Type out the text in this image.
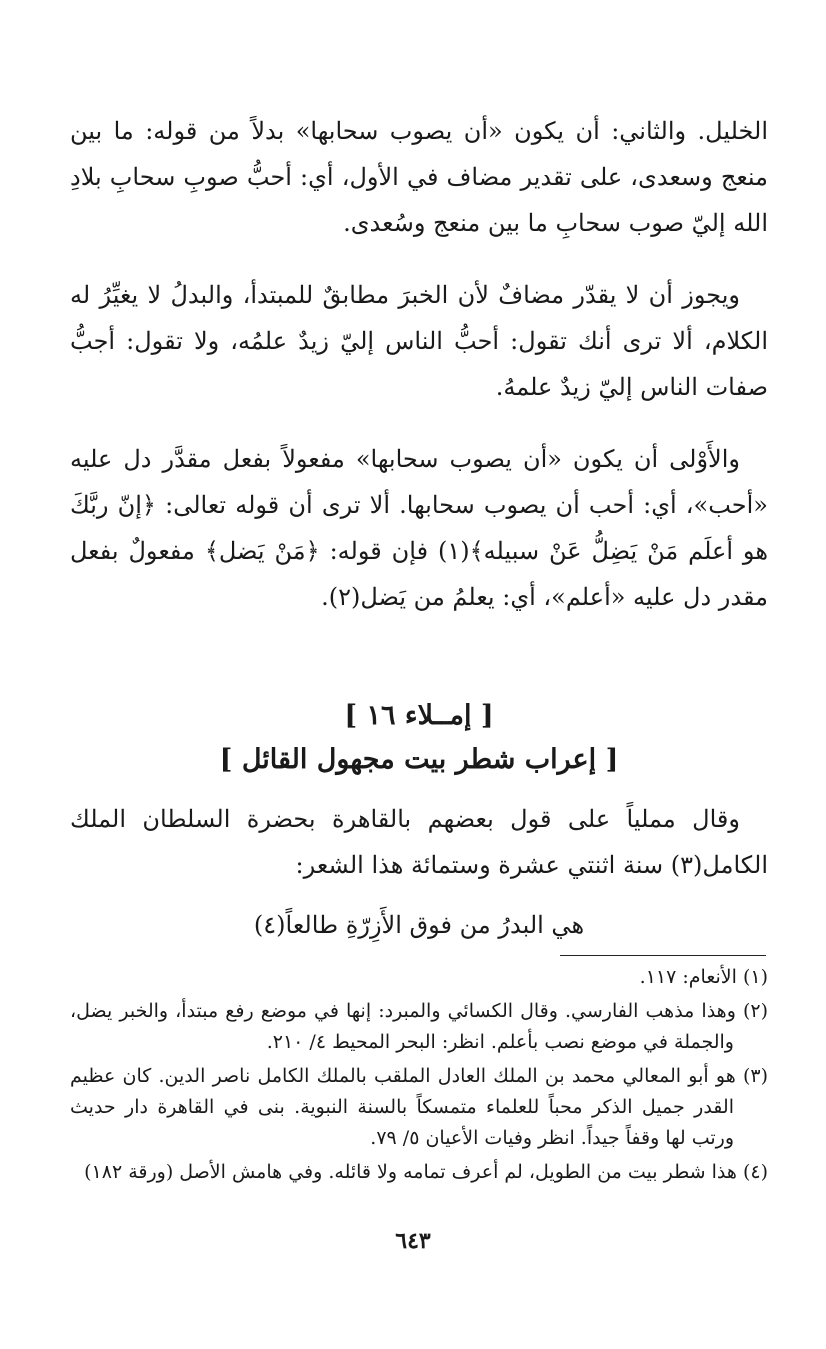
الخليل. والثاني: أن يكون «أن يصوب سحابها» بدلاً من قوله: ما بين منعج وسعدى، على تقدير مضاف في الأول، أي: أحبُّ صوبِ سحابِ بلادِ الله إليّ صوب سحابِ ما بين منعج وسُعدى.

ويجوز أن لا يقدّر مضافٌ لأن الخبرَ مطابقٌ للمبتدأ، والبدلُ لا يغيِّرُ له الكلام، ألا ترى أنك تقول: أحبُّ الناس إليّ زيدٌ علمُه، ولا تقول: أجبُّ صفات الناس إليّ زيدٌ علمهُ.

والأَوْلى أن يكون «أن يصوب سحابها» مفعولاً بفعل مقدَّر دل عليه «أحب»، أي: أحب أن يصوب سحابها. ألا ترى أن قوله تعالى: ﴿إنّ ربَّكَ هو أعلَم مَنْ يَضِلُّ عَنْ سبيله﴾(١) فإن قوله: ﴿مَنْ يَضل﴾ مفعولٌ بفعل مقدر دل عليه «أعلم»، أي: يعلمُ من يَضل(٢).

[ إمــلاء ١٦ ]

[ إعراب شطر بيت مجهول القائل ]

وقال مملياً على قول بعضهم بالقاهرة بحضرة السلطان الملك الكامل(٣) سنة اثنتي عشرة وستمائة هذا الشعر:

هي البدرُ من فوق الأَزِرّةِ طالعاً(٤)

(١) الأنعام: ١١٧.

(٢) وهذا مذهب الفارسي. وقال الكسائي والمبرد: إنها في موضع رفع مبتدأ، والخبر يضل، والجملة في موضع نصب بأعلم. انظر: البحر المحيط ٤/ ٢١٠.

(٣) هو أبو المعالي محمد بن الملك العادل الملقب بالملك الكامل ناصر الدين. كان عظيم القدر جميل الذكر محباً للعلماء متمسكاً بالسنة النبوية. بنى في القاهرة دار حديث ورتب لها وقفاً جيداً. انظر وفيات الأعيان ٥/ ٧٩.

(٤) هذا شطر بيت من الطويل، لم أعرف تمامه ولا قائله. وفي هامش الأصل (ورقة ١٨٢)

٦٤٣
